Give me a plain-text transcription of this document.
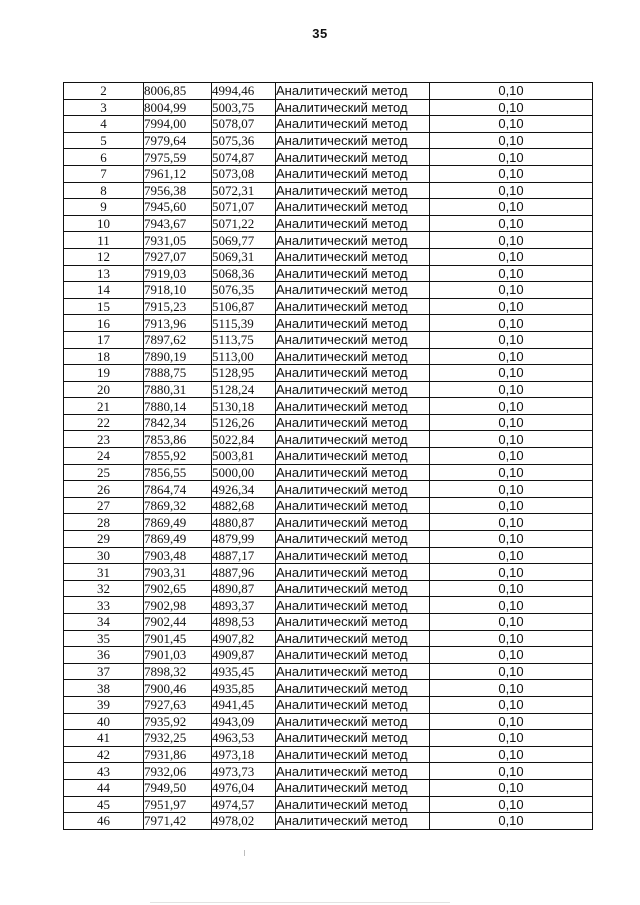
35
2	8006,85	4994,46	Аналитический метод	0,10
3	8004,99	5003,75	Аналитический метод	0,10
4	7994,00	5078,07	Аналитический метод	0,10
5	7979,64	5075,36	Аналитический метод	0,10
6	7975,59	5074,87	Аналитический метод	0,10
7	7961,12	5073,08	Аналитический метод	0,10
8	7956,38	5072,31	Аналитический метод	0,10
9	7945,60	5071,07	Аналитический метод	0,10
10	7943,67	5071,22	Аналитический метод	0,10
11	7931,05	5069,77	Аналитический метод	0,10
12	7927,07	5069,31	Аналитический метод	0,10
13	7919,03	5068,36	Аналитический метод	0,10
14	7918,10	5076,35	Аналитический метод	0,10
15	7915,23	5106,87	Аналитический метод	0,10
16	7913,96	5115,39	Аналитический метод	0,10
17	7897,62	5113,75	Аналитический метод	0,10
18	7890,19	5113,00	Аналитический метод	0,10
19	7888,75	5128,95	Аналитический метод	0,10
20	7880,31	5128,24	Аналитический метод	0,10
21	7880,14	5130,18	Аналитический метод	0,10
22	7842,34	5126,26	Аналитический метод	0,10
23	7853,86	5022,84	Аналитический метод	0,10
24	7855,92	5003,81	Аналитический метод	0,10
25	7856,55	5000,00	Аналитический метод	0,10
26	7864,74	4926,34	Аналитический метод	0,10
27	7869,32	4882,68	Аналитический метод	0,10
28	7869,49	4880,87	Аналитический метод	0,10
29	7869,49	4879,99	Аналитический метод	0,10
30	7903,48	4887,17	Аналитический метод	0,10
31	7903,31	4887,96	Аналитический метод	0,10
32	7902,65	4890,87	Аналитический метод	0,10
33	7902,98	4893,37	Аналитический метод	0,10
34	7902,44	4898,53	Аналитический метод	0,10
35	7901,45	4907,82	Аналитический метод	0,10
36	7901,03	4909,87	Аналитический метод	0,10
37	7898,32	4935,45	Аналитический метод	0,10
38	7900,46	4935,85	Аналитический метод	0,10
39	7927,63	4941,45	Аналитический метод	0,10
40	7935,92	4943,09	Аналитический метод	0,10
41	7932,25	4963,53	Аналитический метод	0,10
42	7931,86	4973,18	Аналитический метод	0,10
43	7932,06	4973,73	Аналитический метод	0,10
44	7949,50	4976,04	Аналитический метод	0,10
45	7951,97	4974,57	Аналитический метод	0,10
46	7971,42	4978,02	Аналитический метод	0,10
